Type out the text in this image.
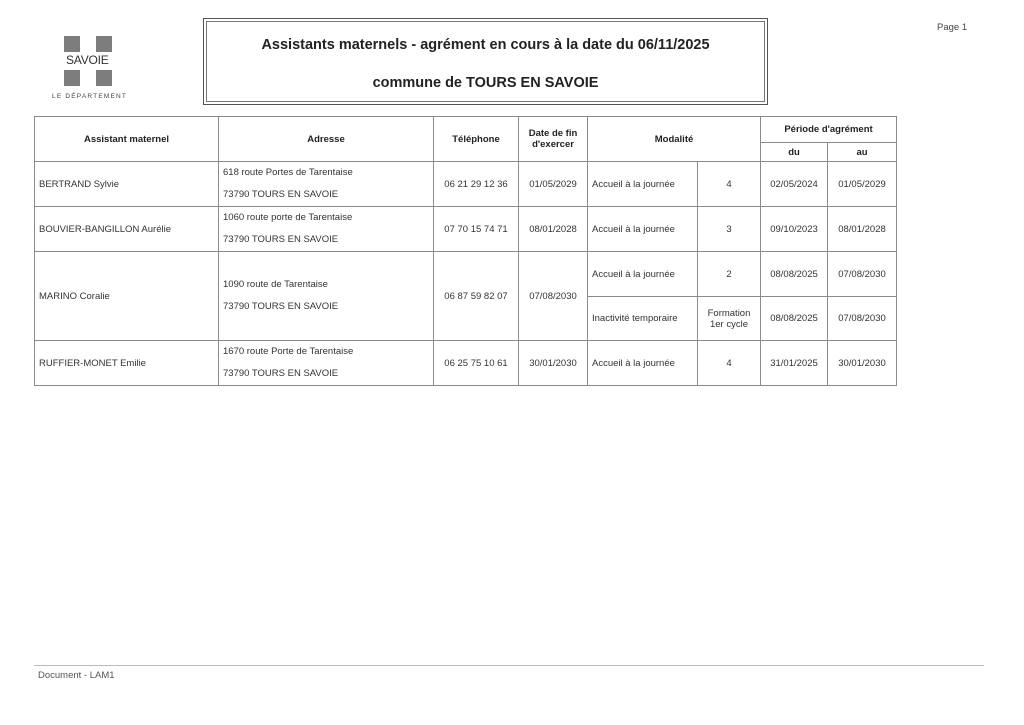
SAVOIE
LE DÉPARTEMENT
Assistants maternels - agrément en cours à la date du 06/11/2025
commune de TOURS EN SAVOIE
Page 1
Assistant maternel	Adresse	Téléphone	Date de fin d'exercer	Modalité		Période d'agrément	
						du	au
BERTRAND Sylvie	618 route Portes de Tarentaise
73790 TOURS EN SAVOIE	06 21 29 12 36	01/05/2029	Accueil à la journée	4	02/05/2024	01/05/2029
BOUVIER-BANGILLON Aurélie	1060 route porte de Tarentaise
73790 TOURS EN SAVOIE	07 70 15 74 71	08/01/2028	Accueil à la journée	3	09/10/2023	08/01/2028
MARINO Coralie	1090 route de Tarentaise
73790 TOURS EN SAVOIE	06 87 59 82 07	07/08/2030	Accueil à la journée	2	08/08/2025	07/08/2030
				Inactivité temporaire	Formation 1er cycle	08/08/2025	07/08/2030
RUFFIER-MONET Emilie	1670 route Porte de Tarentaise
73790 TOURS EN SAVOIE	06 25 75 10 61	30/01/2030	Accueil à la journée	4	31/01/2025	30/01/2030
Document - LAM1
